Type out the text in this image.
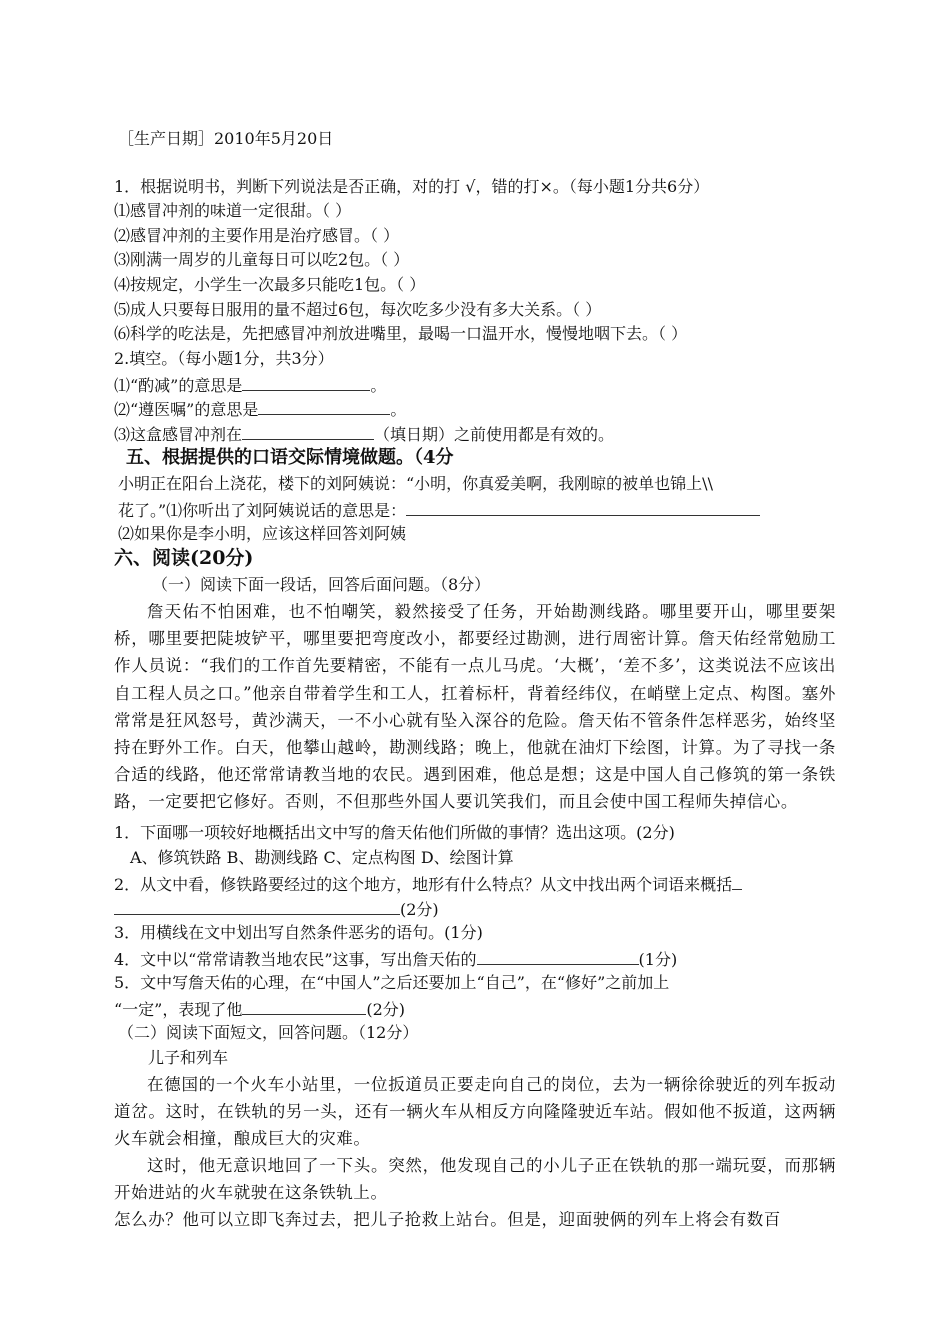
［生产日期］2010年5月20日
1．根据说明书，判断下列说法是否正确，对的打 √，错的打×。（每小题1分共6分）
⑴感冒冲剂的味道一定很甜。（ ）
⑵感冒冲剂的主要作用是治疗感冒。（ ）
⑶刚满一周岁的儿童每日可以吃2包。（ ）
⑷按规定，小学生一次最多只能吃1包。（ ）
⑸成人只要每日服用的量不超过6包，每次吃多少没有多大关系。（ ）
⑹科学的吃法是，先把感冒冲剂放进嘴里，最喝一口温开水，慢慢地咽下去。（ ）
2.填空。（每小题1分，共3分）
⑴“酌减”的意思是	。
⑵“遵医嘱”的意思是	。
⑶这盒感冒冲剂在	（填日期）之前使用都是有效的。
五、根据提供的口语交际情境做题。（4分
小明正在阳台上浇花，楼下的刘阿姨说：“小明，你真爱美啊，我刚晾的被单也锦上\\
花了。”⑴你听出了刘阿姨说话的意思是：
⑵如果你是李小明，应该这样回答刘阿姨
六、阅读(20分)
（一）阅读下面一段话，回答后面问题。（8分）

詹天佑不怕困难，也不怕嘲笑，毅然接受了任务，开始勘测线路。哪里要开山，哪里要架桥，哪里要把陡坡铲平，哪里要把弯度改小，都要经过勘测，进行周密计算。詹天佑经常勉励工作人员说：“我们的工作首先要精密，不能有一点儿马虎。‘大概’，‘差不多’，这类说法不应该出自工程人员之口。”他亲自带着学生和工人，扛着标杆，背着经纬仪，在峭壁上定点、构图。塞外常常是狂风怒号，黄沙满天，一不小心就有坠入深谷的危险。詹天佑不管条件怎样恶劣，始终坚持在野外工作。白天，他攀山越岭，勘测线路；晚上，他就在油灯下绘图，计算。为了寻找一条合适的线路，他还常常请教当地的农民。遇到困难，他总是想；这是中国人自己修筑的第一条铁路，一定要把它修好。否则，不但那些外国人要讥笑我们，而且会使中国工程师失掉信心。

1．下面哪一项较好地概括出文中写的詹天佑他们所做的事情？选出这项。(2分)
A、修筑铁路 B、勘测线路 C、定点构图 D、绘图计算
2．从文中看，修铁路要经过的这个地方，地形有什么特点？从文中找出两个词语来概括
(2分)
3．用横线在文中划出写自然条件恶劣的语句。(1分)
4．文中以“常常请教当地农民”这事，写出詹天佑的	(1分)
5．文中写詹天佑的心理，在“中国人”之后还要加上“自己”，在“修好”之前加上
“一定”，表现了他	(2分)
（二）阅读下面短文，回答问题。（12分）
儿子和列车

在德国的一个火车小站里，一位扳道员正要走向自己的岗位，去为一辆徐徐驶近的列车扳动道岔。这时，在铁轨的另一头，还有一辆火车从相反方向隆隆驶近车站。假如他不扳道，这两辆火车就会相撞，酿成巨大的灾难。

这时，他无意识地回了一下头。突然，他发现自己的小儿子正在铁轨的那一端玩耍，而那辆开始进站的火车就驶在这条铁轨上。

怎么办？他可以立即飞奔过去，把儿子抢救上站台。但是，迎面驶俩的列车上将会有数百
